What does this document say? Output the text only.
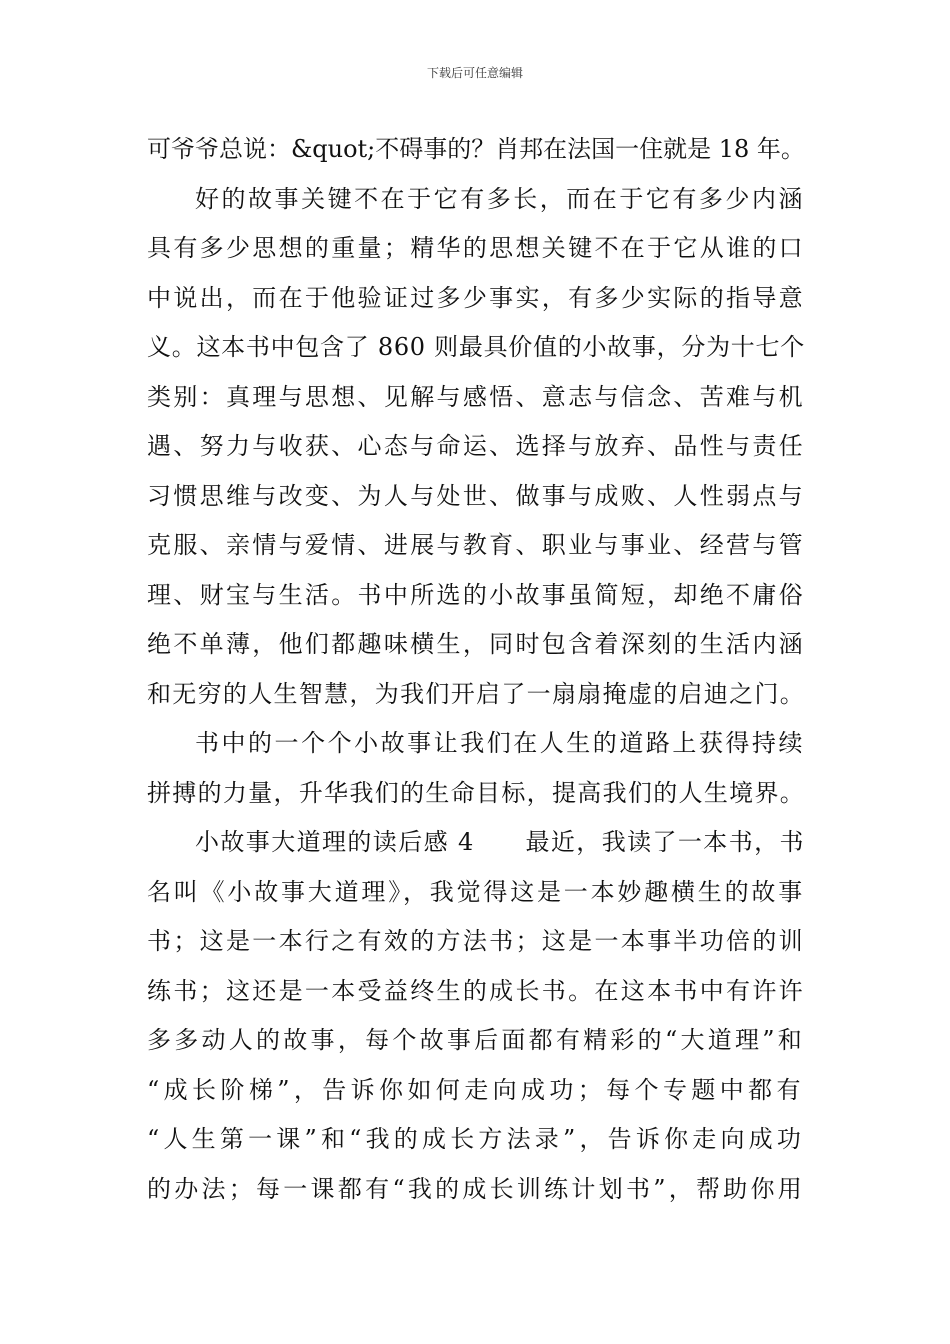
下载后可任意编辑
可爷爷总说：&quot;不碍事的？肖邦在法国一住就是 18 年。
好的故事关键不在于它有多长，而在于它有多少内涵
具有多少思想的重量；精华的思想关键不在于它从谁的口
中说出，而在于他验证过多少事实，有多少实际的指导意
义。这本书中包含了 860 则最具价值的小故事，分为十七个
类别：真理与思想、见解与感悟、意志与信念、苦难与机
遇、努力与收获、心态与命运、选择与放弃、品性与责任
习惯思维与改变、为人与处世、做事与成败、人性弱点与
克服、亲情与爱情、进展与教育、职业与事业、经营与管
理、财宝与生活。书中所选的小故事虽简短，却绝不庸俗
绝不单薄，他们都趣味横生，同时包含着深刻的生活内涵
和无穷的人生智慧，为我们开启了一扇扇掩虚的启迪之门。
书中的一个个小故事让我们在人生的道路上获得持续
拼搏的力量，升华我们的生命目标，提高我们的人生境界。
小故事大道理的读后感 4　　最近，我读了一本书，书
名叫《小故事大道理》，我觉得这是一本妙趣横生的故事
书；这是一本行之有效的方法书；这是一本事半功倍的训
练书；这还是一本受益终生的成长书。在这本书中有许许
多多动人的故事，每个故事后面都有精彩的“大道理”和
“成长阶梯”，告诉你如何走向成功；每个专题中都有
“人生第一课”和“我的成长方法录”，告诉你走向成功
的办法；每一课都有“我的成长训练计划书”，帮助你用
